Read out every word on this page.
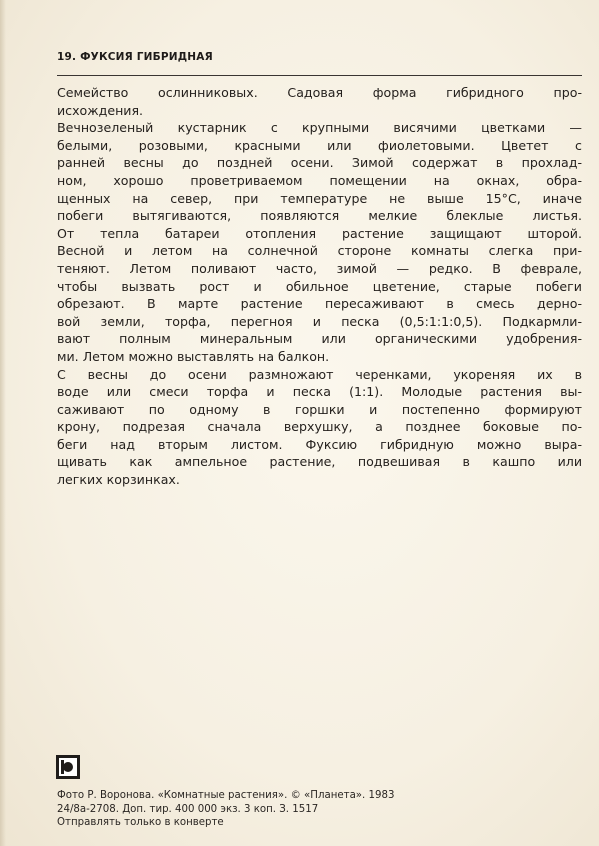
19. ФУКСИЯ ГИБРИДНАЯ
Семейство ослинниковых. Садовая форма гибридного про-
исхождения.
Вечнозеленый кустарник с крупными висячими цветками —
белыми, розовыми, красными или фиолетовыми. Цветет с
ранней весны до поздней осени. Зимой содержат в прохлад-
ном, хорошо проветриваемом помещении на окнах, обра-
щенных на север, при температуре не выше 15°С, иначе
побеги вытягиваются, появляются мелкие блеклые листья.
От тепла батареи отопления растение защищают шторой.
Весной и летом на солнечной стороне комнаты слегка при-
теняют. Летом поливают часто, зимой — редко. В феврале,
чтобы вызвать рост и обильное цветение, старые побеги
обрезают. В марте растение пересаживают в смесь дерно-
вой земли, торфа, перегноя и песка (0,5:1:1:0,5). Подкармли-
вают полным минеральным или органическими удобрения-
ми. Летом можно выставлять на балкон.
С весны до осени размножают черенками, укореняя их в
воде или смеси торфа и песка (1:1). Молодые растения вы-
саживают по одному в горшки и постепенно формируют
крону, подрезая сначала верхушку, а позднее боковые по-
беги над вторым листом. Фуксию гибридную можно выра-
щивать как ампельное растение, подвешивая в кашпо или
легких корзинках.
Фото Р. Воронова. «Комнатные растения». © «Планета». 1983
24/8а-2708. Доп. тир. 400 000 экз. 3 коп. З. 1517
Отправлять только в конверте
